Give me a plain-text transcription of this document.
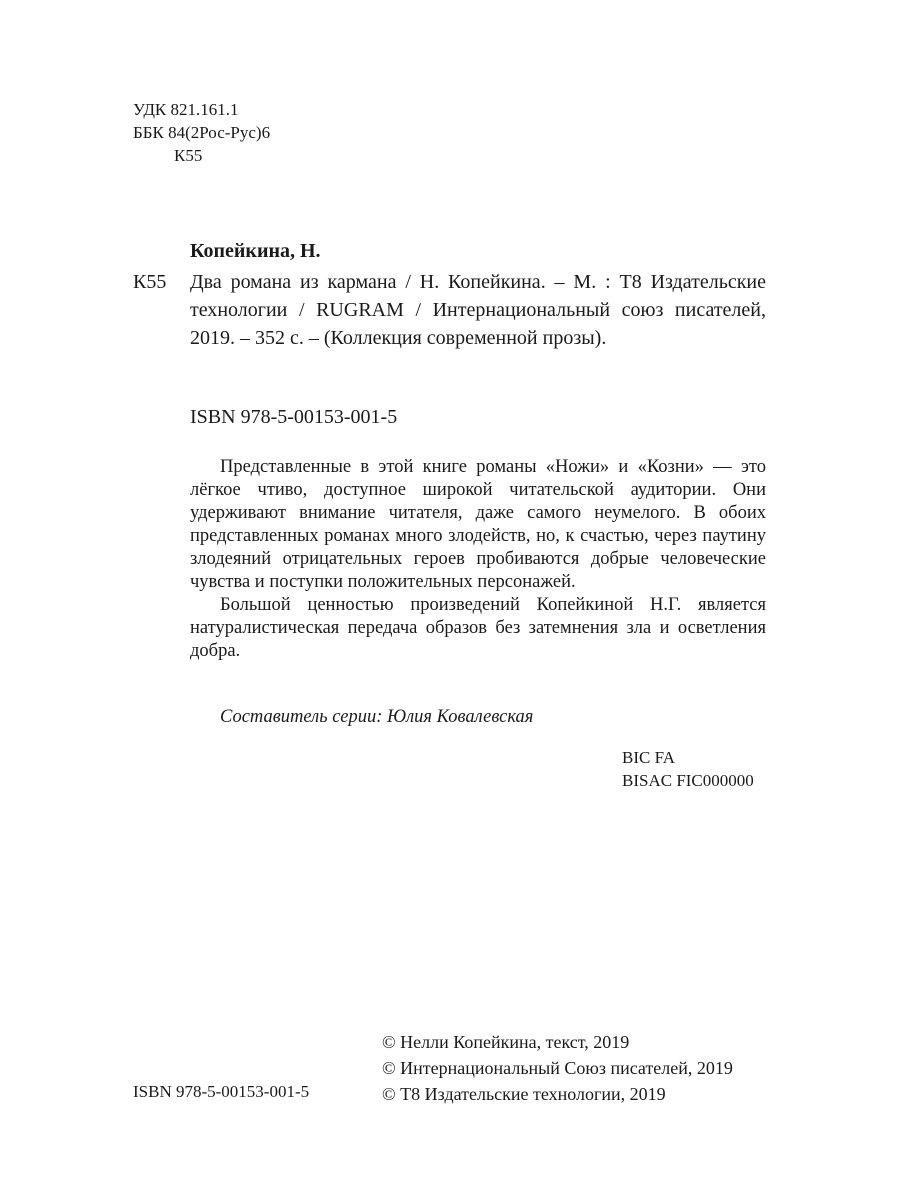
УДК 821.161.1
ББК 84(2Рос-Рус)6
К55
Копейкина, Н.
К55 Два романа из кармана / Н. Копейкина. – М. : Т8 Издательские технологии / RUGRAM / Интернациональный союз писателей, 2019. – 352 с. – (Коллекция современной прозы).
ISBN 978-5-00153-001-5

Представленные в этой книге романы «Ножи» и «Козни» — это лёгкое чтиво, доступное широкой читательской аудитории. Они удерживают внимание читателя, даже самого неумелого. В обоих представленных романах много злодейств, но, к счастью, через паутину злодеяний отрицательных героев пробиваются добрые человеческие чувства и поступки положительных персонажей.

Большой ценностью произведений Копейкиной Н.Г. является натуралистическая передача образов без затемнения зла и осветления добра.

Составитель серии: Юлия Ковалевская
BIC FA
BISAC FIC000000
ISBN 978-5-00153-001-5
© Нелли Копейкина, текст, 2019
© Интернациональный Союз писателей, 2019
© Т8 Издательские технологии, 2019
